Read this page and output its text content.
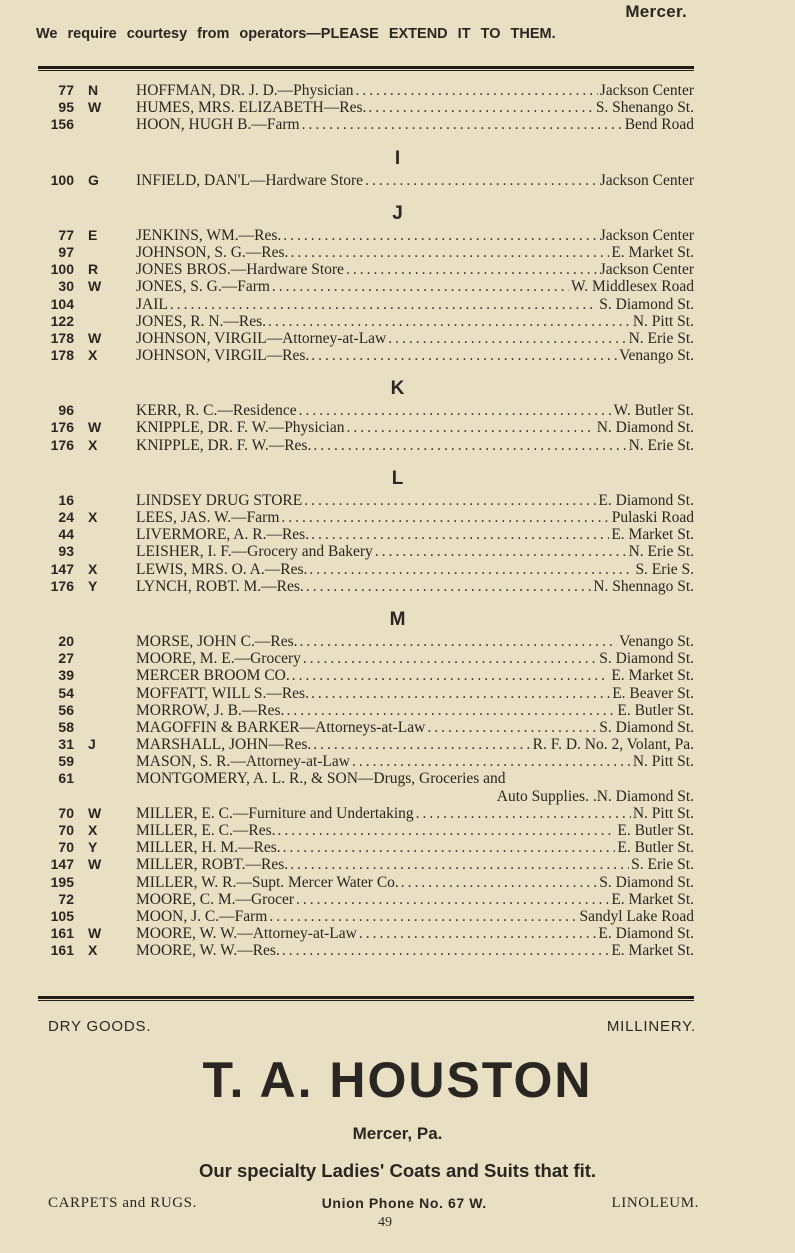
Mercer.
We require courtesy from operators—PLEASE EXTEND IT TO THEM.
77 N	HOFFMAN, DR. J. D.—Physician .....	Jackson Center
95 W	HUMES, MRS. ELIZABETH—Res. .....	S. Shenango St.
156	HOON, HUGH B.—Farm .....	Bend Road
I
100 G	INFIELD, DAN'L—Hardware Store .....	Jackson Center
J
77 E	JENKINS, WM.—Res. .....	Jackson Center
97	JOHNSON, S. G.—Res. .....	E. Market St.
100 R	JONES BROS.—Hardware Store .....	Jackson Center
30 W	JONES, S. G.—Farm .....	W. Middlesex Road
104	JAIL .....	S. Diamond St.
122	JONES, R. N.—Res. .....	N. Pitt St.
178 W	JOHNSON, VIRGIL—Attorney-at-Law .....	N. Erie St.
178 X	JOHNSON, VIRGIL—Res. .....	Venango St.
K
96	KERR, R. C.—Residence .....	W. Butler St.
176 W	KNIPPLE, DR. F. W.—Physician .....	N. Diamond St.
176 X	KNIPPLE, DR. F. W.—Res. .....	N. Erie St.
L
16	LINDSEY DRUG STORE .....	E. Diamond St.
24 X	LEES, JAS. W.—Farm .....	Pulaski Road
44	LIVERMORE, A. R.—Res. .....	E. Market St.
93	LEISHER, I. F.—Grocery and Bakery .....	N. Erie St.
147 X	LEWIS, MRS. O. A.—Res. .....	S. Erie S.
176 Y	LYNCH, ROBT. M.—Res. .....	N. Shennago St.
M
20	MORSE, JOHN C.—Res. .....	Venango St.
27	MOORE, M. E.—Grocery .....	S. Diamond St.
39	MERCER BROOM CO. .....	E. Market St.
54	MOFFATT, WILL S.—Res. .....	E. Beaver St.
56	MORROW, J. B.—Res. .....	E. Butler St.
58	MAGOFFIN & BARKER—Attorneys-at-Law .....	S. Diamond St.
31 J	MARSHALL, JOHN—Res. .....	R. F. D. No. 2, Volant, Pa.
59	MASON, S. R.—Attorney-at-Law .....	N. Pitt St.
61	MONTGOMERY, A. L. R., & SON—Drugs, Groceries and
Auto Supplies. .N. Diamond St.
70 W	MILLER, E. C.—Furniture and Undertaking .....	N. Pitt St.
70 X	MILLER, E. C.—Res. .....	E. Butler St.
70 Y	MILLER, H. M.—Res. .....	E. Butler St.
147 W	MILLER, ROBT.—Res. .....	S. Erie St.
195	MILLER, W. R.—Supt. Mercer Water Co. .....	S. Diamond St.
72	MOORE, C. M.—Grocer .....	E. Market St.
105	MOON, J. C.—Farm .....	Sandyl Lake Road
161 W	MOORE, W. W.—Attorney-at-Law .....	E. Diamond St.
161 X	MOORE, W. W.—Res. .....	E. Market St.
DRY GOODS.	MILLINERY.
T. A. HOUSTON
Mercer, Pa.
Our specialty Ladies' Coats and Suits that fit.
CARPETS and RUGS.	Union Phone No. 67 W.	LINOLEUM.
49
